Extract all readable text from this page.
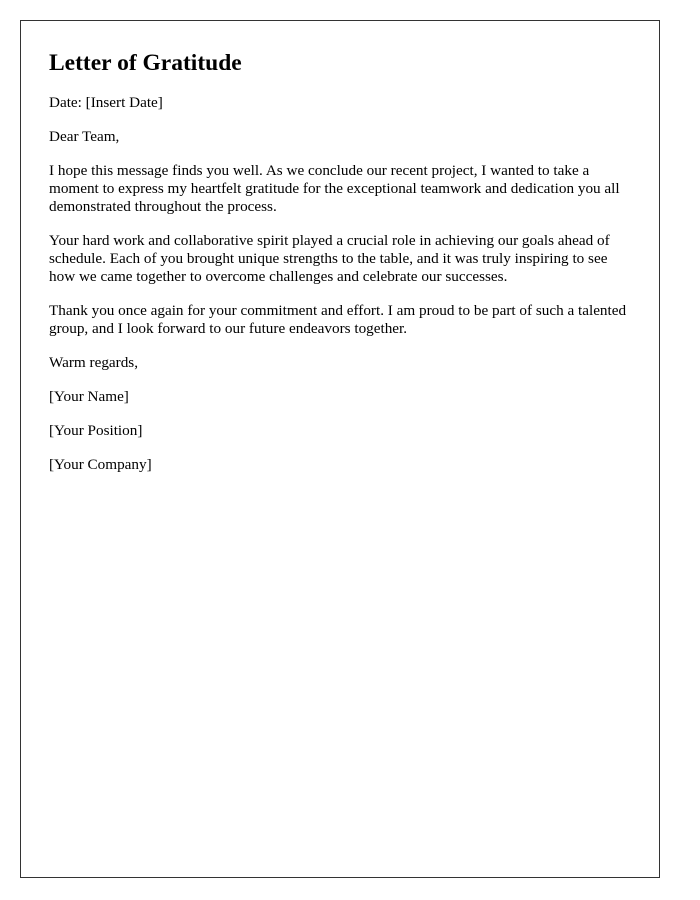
Letter of Gratitude

Date: [Insert Date]

Dear Team,

I hope this message finds you well. As we conclude our recent project, I wanted to take a moment to express my heartfelt gratitude for the exceptional teamwork and dedication you all demonstrated throughout the process.

Your hard work and collaborative spirit played a crucial role in achieving our goals ahead of schedule. Each of you brought unique strengths to the table, and it was truly inspiring to see how we came together to overcome challenges and celebrate our successes.

Thank you once again for your commitment and effort. I am proud to be part of such a talented group, and I look forward to our future endeavors together.

Warm regards,

[Your Name]

[Your Position]

[Your Company]
